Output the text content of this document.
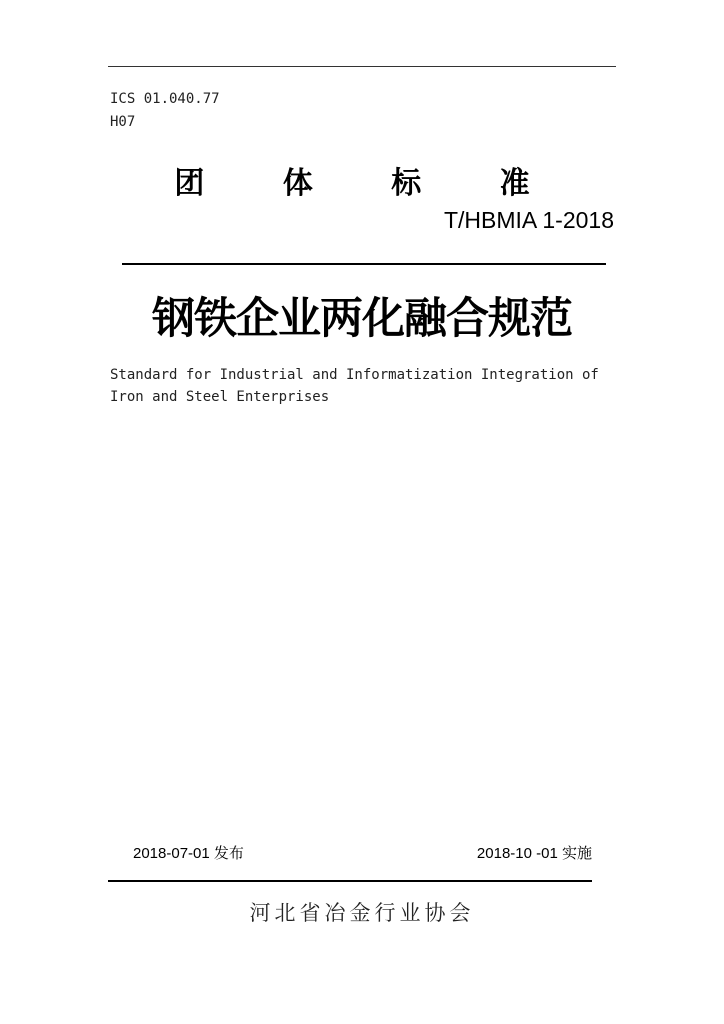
ICS 01.040.77
H07
团 体 标 准
T/HBMIA 1-2018
钢铁企业两化融合规范
Standard for Industrial and Informatization Integration of Iron and Steel Enterprises
2018-07-01 发布	2018-10 -01 实施
河北省冶金行业协会
